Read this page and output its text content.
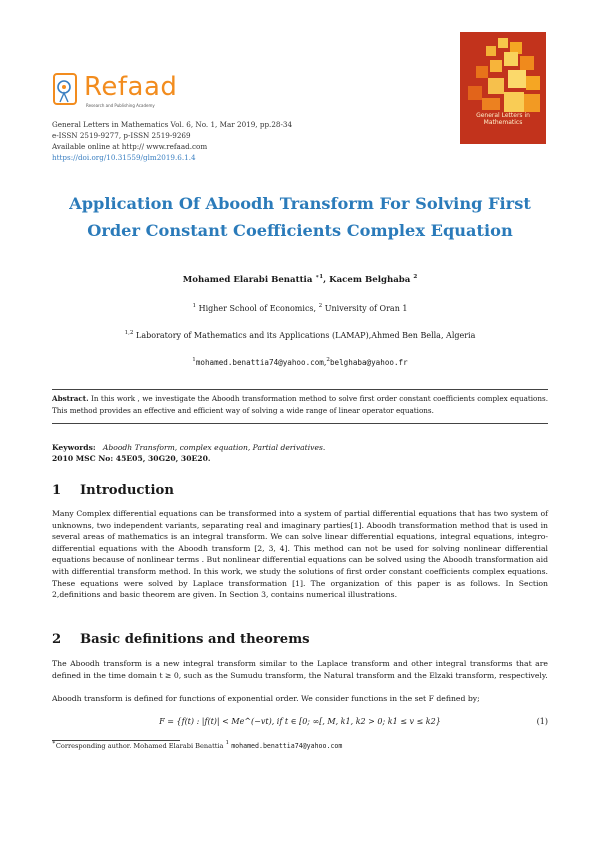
Refaad
Research and Publishing Academy
General Letters in Mathematics
General Letters in Mathematics Vol. 6, No. 1, Mar 2019, pp.28-34
e-ISSN 2519-9277, p-ISSN 2519-9269
Available online at http:// www.refaad.com
https://doi.org/10.31559/glm2019.6.1.4
Application Of Aboodh Transform For Solving First
Order Constant Coefficients Complex Equation
Mohamed Elarabi Benattia $^{∗1}$, Kacem Belghaba $^2$
$^1$ Higher School of Economics, $^2$ University of Oran 1
$^{1,2}$ Laboratory of Mathematics and its Applications (LAMAP),Ahmed Ben Bella, Algeria
$^1$mohamed.benattia74@yahoo.com,$^2$belghaba@yahoo.fr
Abstract. In this work , we investigate the Aboodh transformation method to solve first order constant coefficients complex equations. This method provides an effective and efficient way of solving a wide range of linear operator equations.
Keywords: Aboodh Transform, complex equation, Partial derivatives.
2010 MSC No: 45E05, 30G20, 30E20.
1 Introduction
Many Complex differential equations can be transformed into a system of partial differential equations that has two system of unknowns, two independent variants, separating real and imaginary parties[1]. Aboodh transformation method that is used in several areas of mathematics is an integral transform. We can solve linear differential equations, integral equations, integro-differential equations with the Aboodh transform [2, 3, 4]. This method can not be used for solving nonlinear differential equations because of nonlinear terms . But nonlinear differential equations can be solved using the Aboodh transformation aid with differential transform method. In this work, we study the solutions of first order constant coefficients complex equations. These equations were solved by Laplace transformation [1]. The organization of this paper is as follows. In Section 2,definitions and basic theorem are given. In Section 3, contains numerical illustrations.
2 Basic definitions and theorems
The Aboodh transform is a new integral transform similar to the Laplace transform and other integral transforms that are defined in the time domain t ≥ 0, such as the Sumudu transform, the Natural transform and the Elzaki transform, respectively.
Aboodh transform is defined for functions of exponential order. We consider functions in the set F defined by;
F = {f(t) : |f(t)| < Me^(−vt), if t ∈ [0; ∞[, M, k1, k2 > 0; k1 ≤ v ≤ k2}	(1)
∗Corresponding author. Mohamed Elarabi Benattia $^1$ mohamed.benattia74@yahoo.com
